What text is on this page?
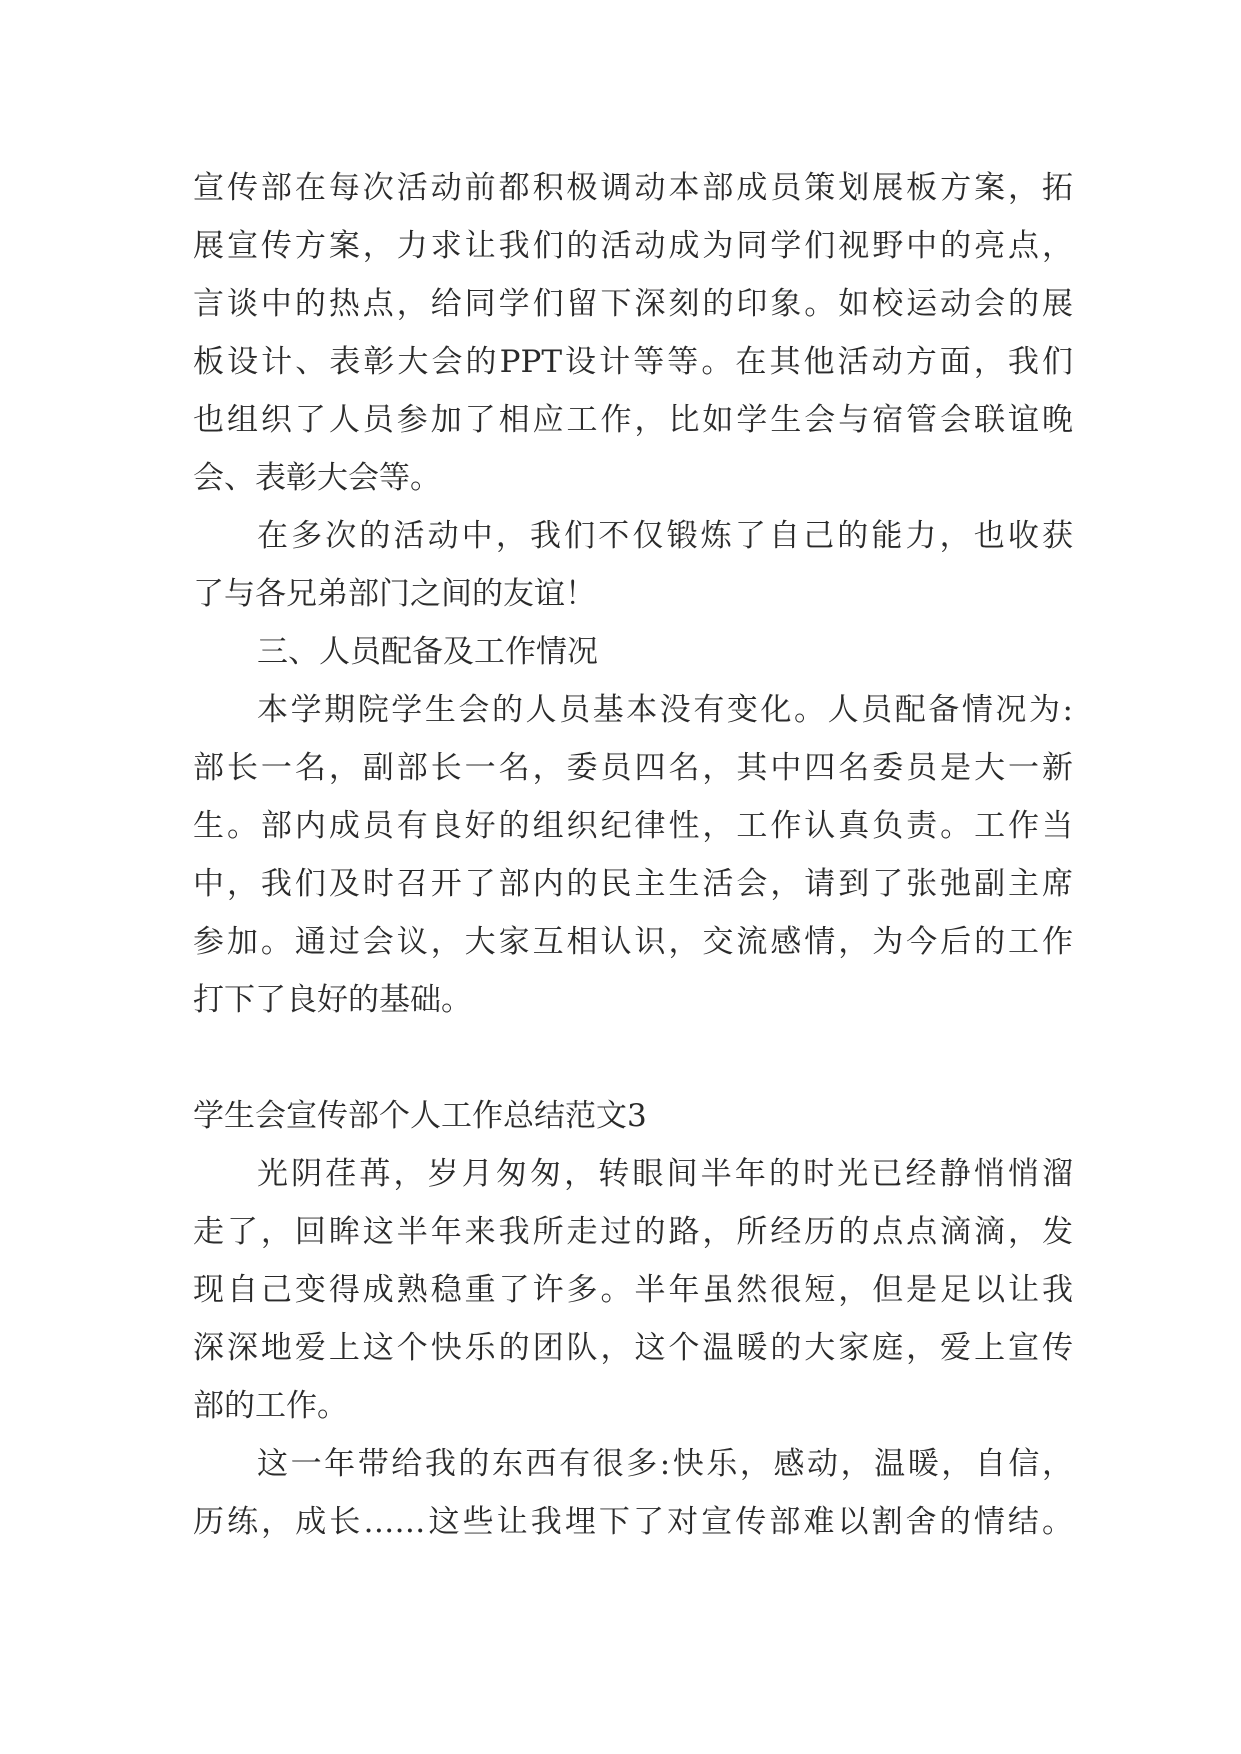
宣传部在每次活动前都积极调动本部成员策划展板方案，拓
展宣传方案，力求让我们的活动成为同学们视野中的亮点，
言谈中的热点，给同学们留下深刻的印象。如校运动会的展
板设计、表彰大会的PPT设计等等。在其他活动方面，我们
也组织了人员参加了相应工作，比如学生会与宿管会联谊晚
会、表彰大会等。
在多次的活动中，我们不仅锻炼了自己的能力，也收获
了与各兄弟部门之间的友谊！
三、人员配备及工作情况
本学期院学生会的人员基本没有变化。人员配备情况为:
部长一名，副部长一名，委员四名，其中四名委员是大一新
生。部内成员有良好的组织纪律性，工作认真负责。工作当
中，我们及时召开了部内的民主生活会，请到了张弛副主席
参加。通过会议，大家互相认识，交流感情，为今后的工作
打下了良好的基础。
学生会宣传部个人工作总结范文3
光阴荏苒，岁月匆匆，转眼间半年的时光已经静悄悄溜
走了，回眸这半年来我所走过的路，所经历的点点滴滴，发
现自己变得成熟稳重了许多。半年虽然很短，但是足以让我
深深地爱上这个快乐的团队，这个温暖的大家庭，爱上宣传
部的工作。
这一年带给我的东西有很多:快乐，感动，温暖，自信，
历练，成长……这些让我埋下了对宣传部难以割舍的情结。
